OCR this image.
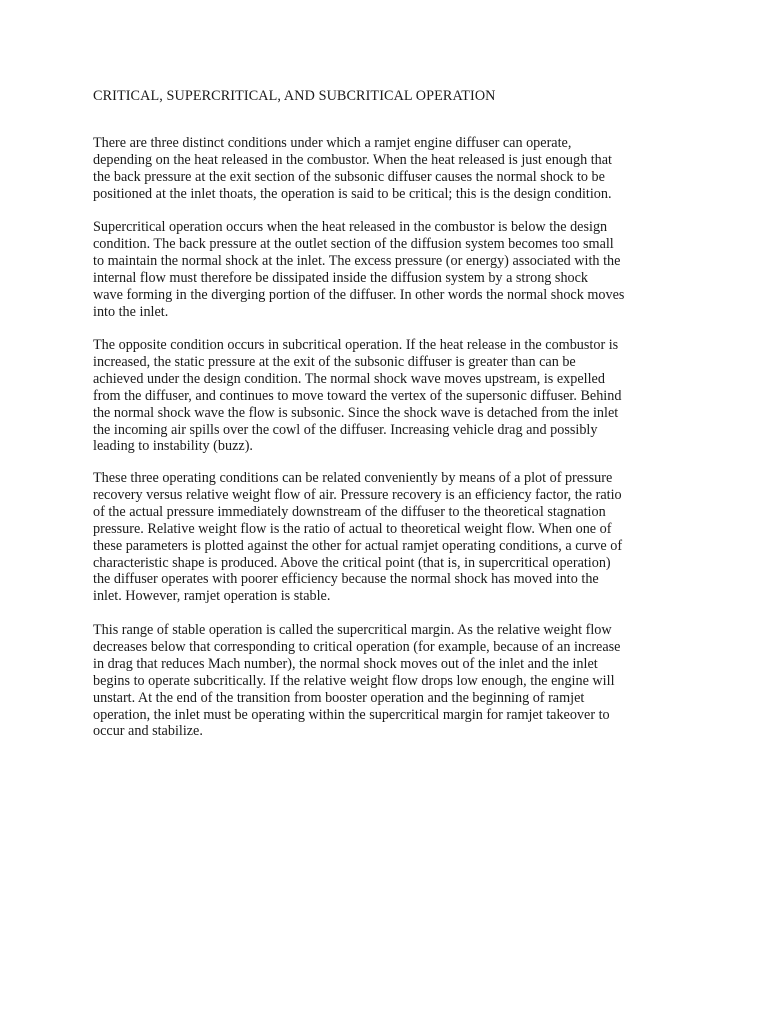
CRITICAL, SUPERCRITICAL, AND SUBCRITICAL OPERATION

There are three distinct conditions under which a ramjet engine diffuser can operate,
depending on the heat released in the combustor. When the heat released is just enough that
the back pressure at the exit section of the subsonic diffuser causes the normal shock to be
positioned at the inlet thoats, the operation is said to be critical; this is the design condition.

Supercritical operation occurs when the heat released in the combustor is below the design
condition. The back pressure at the outlet section of the diffusion system becomes too small
to maintain the normal shock at the inlet. The excess pressure (or energy) associated with the
internal flow must therefore be dissipated inside the diffusion system by a strong shock
wave forming in the diverging portion of the diffuser. In other words the normal shock moves
into the inlet.

The opposite condition occurs in subcritical operation. If the heat release in the combustor is
increased, the static pressure at the exit of the subsonic diffuser is greater than can be
achieved under the design condition. The normal shock wave moves upstream, is expelled
from the diffuser, and continues to move toward the vertex of the supersonic diffuser. Behind
the normal shock wave the flow is subsonic. Since the shock wave is detached from the inlet
the incoming air spills over the cowl of the diffuser. Increasing vehicle drag and possibly
leading to instability (buzz).

These three operating conditions can be related conveniently by means of a plot of pressure
recovery versus relative weight flow of air. Pressure recovery is an efficiency factor, the ratio
of the actual pressure immediately downstream of the diffuser to the theoretical stagnation
pressure. Relative weight flow is the ratio of actual to theoretical weight flow. When one of
these parameters is plotted against the other for actual ramjet operating conditions, a curve of
characteristic shape is produced. Above the critical point (that is, in supercritical operation)
the diffuser operates with poorer efficiency because the normal shock has moved into the
inlet. However, ramjet operation is stable.

This range of stable operation is called the supercritical margin. As the relative weight flow
decreases below that corresponding to critical operation (for example, because of an increase
in drag that reduces Mach number), the normal shock moves out of the inlet and the inlet
begins to operate subcritically. If the relative weight flow drops low enough, the engine will
unstart. At the end of the transition from booster operation and the beginning of ramjet
operation, the inlet must be operating within the supercritical margin for ramjet takeover to
occur and stabilize.
